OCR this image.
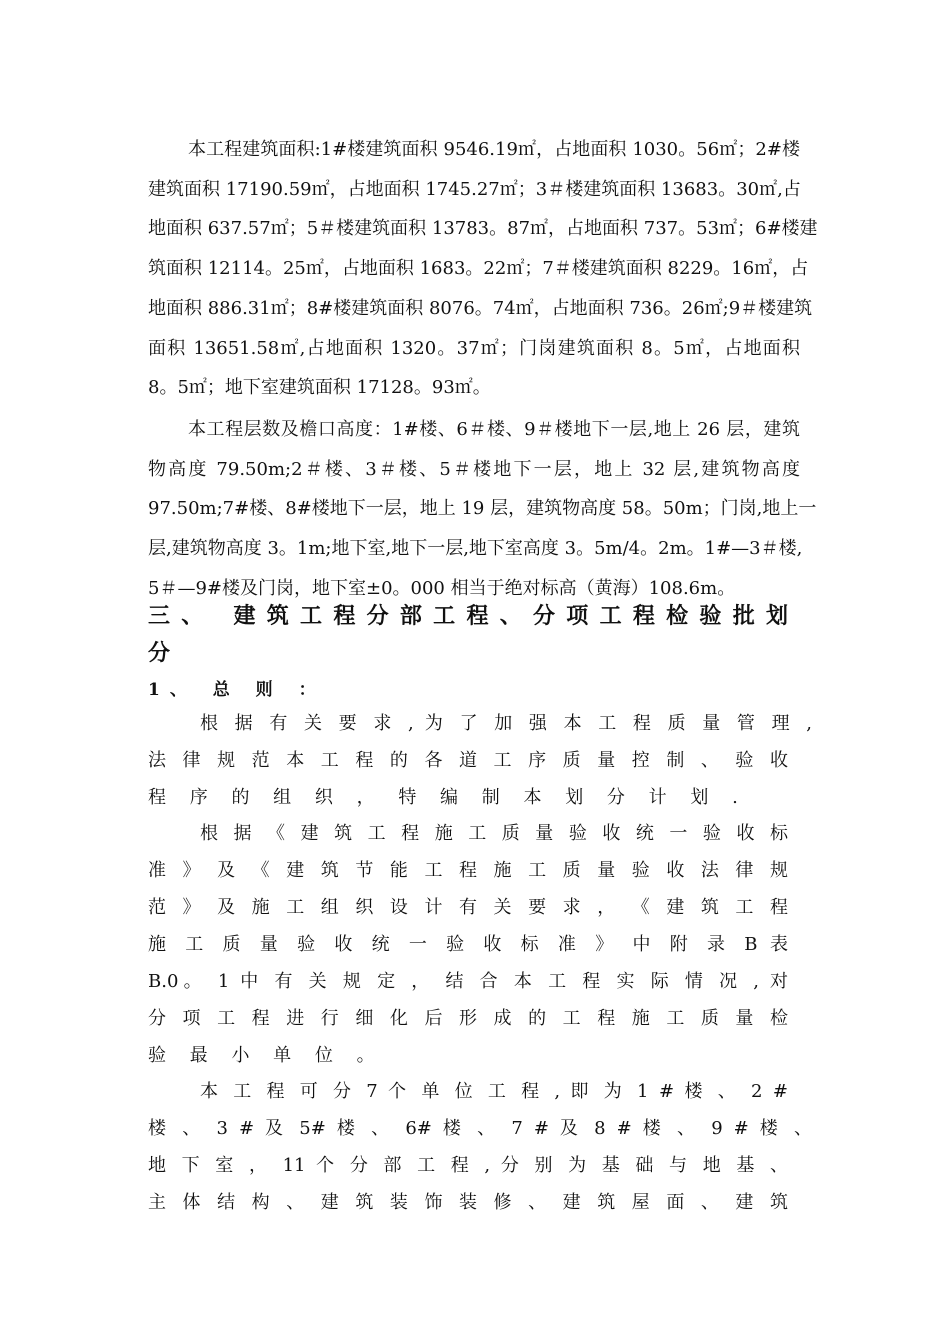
本工程建筑面积:1#楼建筑面积 9546.19㎡，占地面积 1030。56㎡；2#楼

建筑面积 17190.59㎡，占地面积 1745.27㎡；3＃楼建筑面积 13683。30㎡,占

地面积 637.57㎡；5＃楼建筑面积 13783。87㎡，占地面积 737。53㎡；6#楼建

筑面积 12114。25㎡，占地面积 1683。22㎡；7＃楼建筑面积 8229。16㎡，占

地面积 886.31㎡；8#楼建筑面积 8076。74㎡，占地面积 736。26㎡;9＃楼建筑

面积 13651.58㎡,占地面积 1320。37㎡；门岗建筑面积 8。5㎡，占地面积

8。5㎡；地下室建筑面积 17128。93㎡。

本工程层数及檐口高度：1#楼、6＃楼、9＃楼地下一层,地上 26 层，建筑

物高度 79.50m;2＃楼、3＃楼、5＃楼地下一层，地上 32 层,建筑物高度

97.50m;7#楼、8#楼地下一层，地上 19 层，建筑物高度 58。50m；门岗,地上一

层,建筑物高度 3。1m;地下室,地下一层,地下室高度 3。5m/4。2m。1#—3＃楼,

5＃—9#楼及门岗，地下室±0。000 相当于绝对标高（黄海）108.6m。

三、 建筑工程分部工程、分项工程检验批划
分
1、 总 则 ：

根 据 有 关 要 求 , 为 了 加 强 本 工 程 质 量 管 理 ,

法 律 规 范 本 工 程 的 各 道 工 序 质 量 控 制 、 验 收

程 序 的 组 织 ， 特 编 制 本 划 分 计 划 .

根 据 《 建 筑 工 程 施 工 质 量 验 收 统 一 验 收 标

准 》 及 《 建 筑 节 能 工 程 施 工 质 量 验 收 法 律 规

范 》 及 施 工 组 织 设 计 有 关 要 求 ， 《 建 筑 工 程

施 工 质 量 验 收 统 一 验 收 标 准 》 中 附 录 B 表

B.0。 1 中 有 关 规 定 ， 结 合 本 工 程 实 际 情 况 , 对

分 项 工 程 进 行 细 化 后 形 成 的 工 程 施 工 质 量 检

验 最 小 单 位 。

本 工 程 可 分 7 个 单 位 工 程 , 即 为 1 # 楼 、 2 #

楼 、 3 # 及 5# 楼 、 6# 楼 、 7 # 及 8 # 楼 、 9 # 楼 、

地 下 室 ， 11 个 分 部 工 程 , 分 别 为 基 础 与 地 基 、

主 体 结 构 、 建 筑 装 饰 装 修 、 建 筑 屋 面 、 建 筑
